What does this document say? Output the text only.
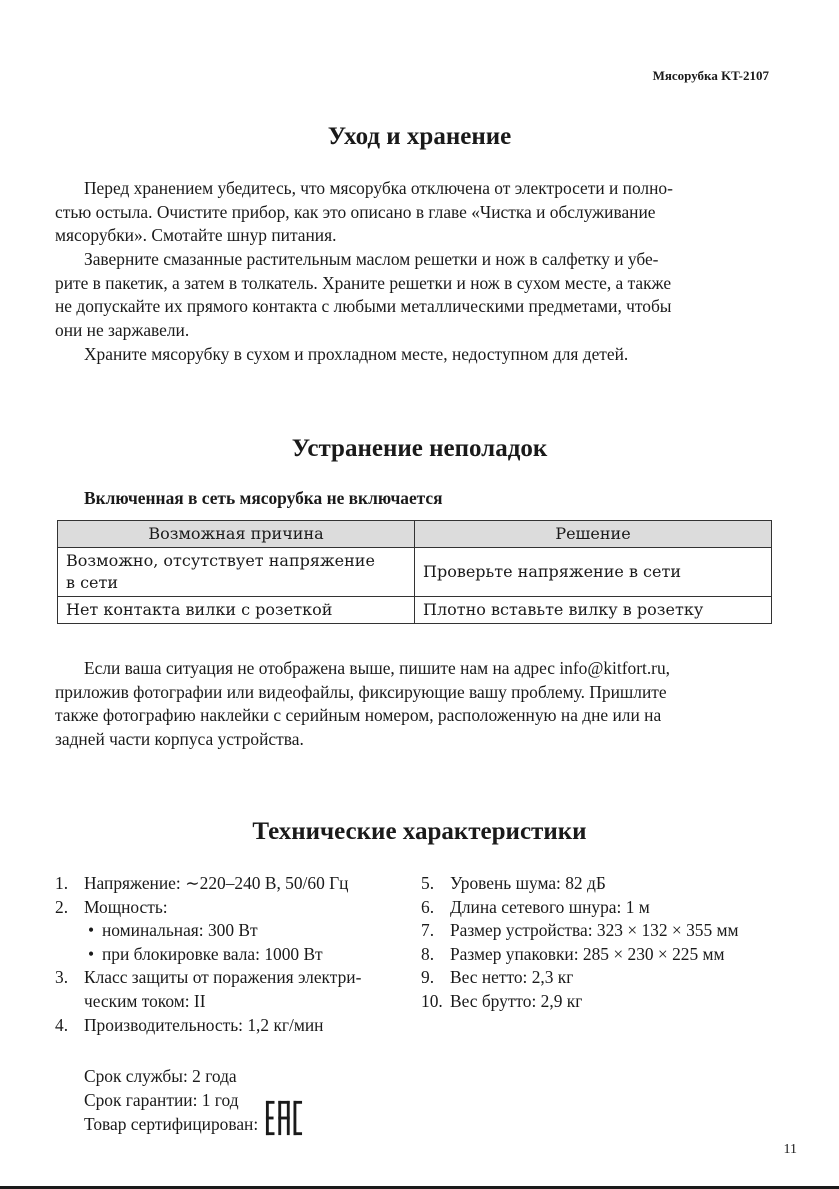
Мясорубка KT-2107
Уход и хранение
Перед хранением убедитесь, что мясорубка отключена от электросети и полно-
стью остыла. Очистите прибор, как это описано в главе «Чистка и обслуживание
мясорубки». Смотайте шнур питания.
Заверните смазанные растительным маслом решетки и нож в салфетку и убе-
рите в пакетик, а затем в толкатель. Храните решетки и нож в сухом месте, а также
не допускайте их прямого контакта с любыми металлическими предметами, чтобы
они не заржавели.
Храните мясорубку в сухом и прохладном месте, недоступном для детей.
Устранение неполадок
Включенная в сеть мясорубка не включается
Возможная причина	Решение
Возможно, отсутствует напряжение
в сети	Проверьте напряжение в сети
Нет контакта вилки с розеткой	Плотно вставьте вилку в розетку
Если ваша ситуация не отображена выше, пишите нам на адрес info@kitfort.ru,
приложив фотографии или видеофайлы, фиксирующие вашу проблему. Пришлите
также фотографию наклейки с серийным номером, расположенную на дне или на
задней части корпуса устройства.
Технические характеристики
1. Напряжение: ∼220–240 В, 50/60 Гц
2. Мощность:
• номинальная: 300 Вт
• при блокировке вала: 1000 Вт
3. Класс защиты от поражения электри-
ческим током: II
4. Производительность: 1,2 кг/мин
5. Уровень шума: 82 дБ
6. Длина сетевого шнура: 1 м
7. Размер устройства: 323 × 132 × 355 мм
8. Размер упаковки: 285 × 230 × 225 мм
9. Вес нетто: 2,3 кг
10. Вес брутто: 2,9 кг
Срок службы: 2 года
Срок гарантии: 1 год
Товар сертифицирован:
11
